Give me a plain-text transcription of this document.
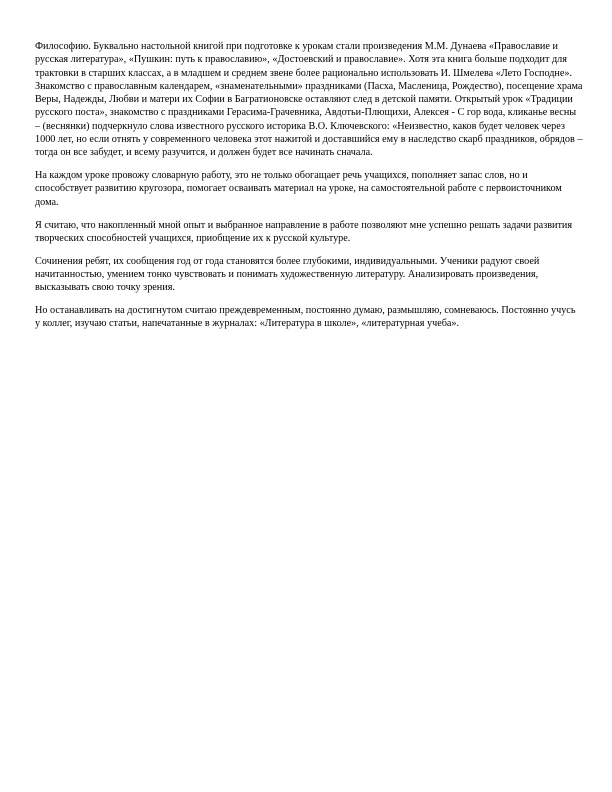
Философию. Буквально настольной книгой при подготовке к урокам стали произведения М.М. Дунаева «Православие и русская литература», «Пушкин: путь к православию», «Достоевский и православие». Хотя эта книга больше подходит для трактовки в старших классах, а в младшем и среднем звене более рационально использовать И. Шмелева «Лето Господне». Знакомство с православным календарем, «знаменательными» праздниками (Пасха, Масленица, Рождество), посещение храма Веры, Надежды, Любви и матери их Софии в Багратионовске оставляют след в детской памяти. Открытый урок «Традиции русского поста», знакомство с праздниками Герасима-Грачевника, Авдотьи-Плющихи, Алексея - С гор вода, кликанье весны – (веснянки) подчеркнуло слова известного русского историка В.О. Ключевского: «Неизвестно, каков будет человек через 1000 лет, но если отнять у современного человека этот нажитой и доставшийся ему в наследство скарб праздников, обрядов – тогда он все забудет, и всему разучится, и должен будет все начинать сначала.

На каждом уроке провожу словарную работу, это не только обогащает речь учащихся, пополняет запас слов, но и способствует развитию кругозора, помогает осваивать материал на уроке, на самостоятельной работе с первоисточником дома.

Я считаю, что накопленный мной опыт и выбранное направление в работе позволяют мне успешно решать задачи развития творческих способностей учащихся, приобщение их к русской культуре.

Сочинения ребят, их сообщения год от года становятся более глубокими, индивидуальными. Ученики радуют своей начитанностью, умением тонко чувствовать и понимать художественную литературу. Анализировать произведения, высказывать свою точку зрения.

Но останавливать на достигнутом считаю преждевременным, постоянно думаю, размышляю, сомневаюсь. Постоянно учусь у коллег, изучаю статьи, напечатанные в журналах: «Литература в школе», «литературная учеба».
